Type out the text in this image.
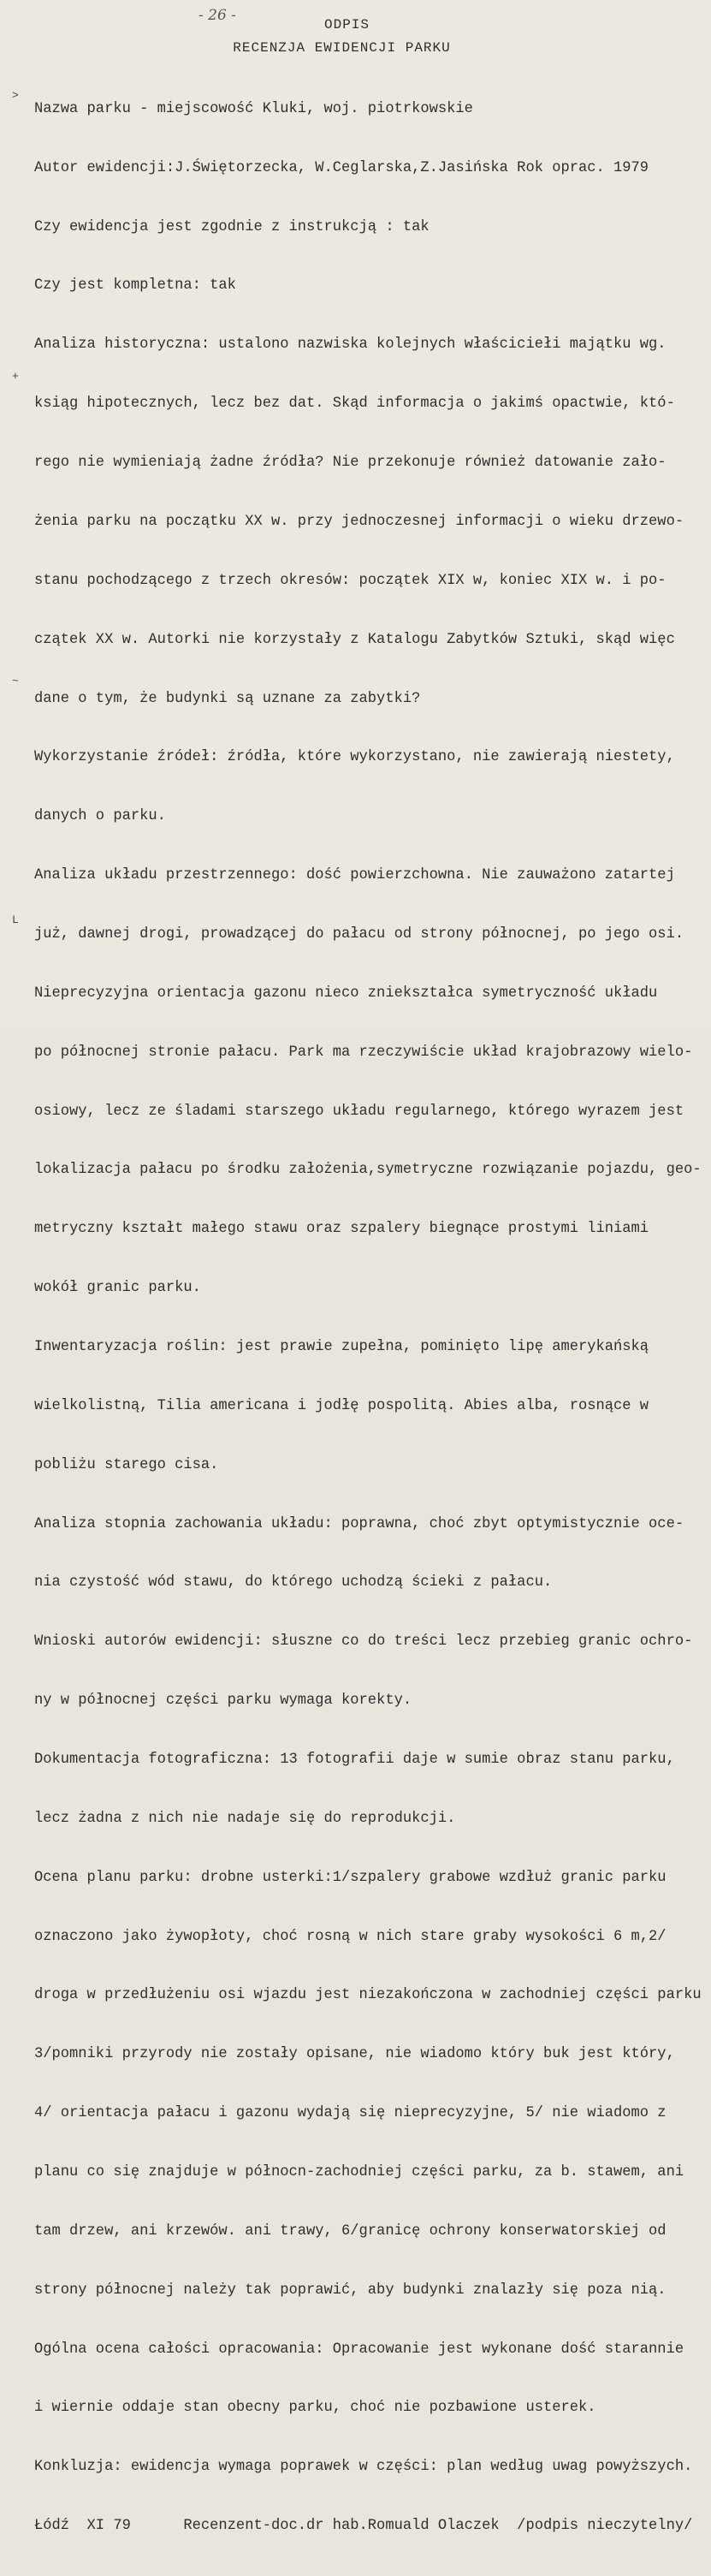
- 26 -
ODPIS
RECENZJA EWIDENCJI PARKU
>
+
~
L

Nazwa parku - miejscowość Kluki, woj. piotrkowskie

Autor ewidencji:J.Świętorzecka, W.Ceglarska,Z.Jasińska Rok oprac. 1979

Czy ewidencja jest zgodnie z instrukcją : tak

Czy jest kompletna: tak

Analiza historyczna: ustalono nazwiska kolejnych właściciełi majątku wg.

ksiąg hipotecznych, lecz bez dat. Skąd informacja o jakimś opactwie, któ-

rego nie wymieniają żadne źródła? Nie przekonuje również datowanie zało-

żenia parku na początku XX w. przy jednoczesnej informacji o wieku drzewo-

stanu pochodzącego z trzech okresów: początek XIX w, koniec XIX w. i po-

czątek XX w. Autorki nie korzystały z Katalogu Zabytków Sztuki, skąd więc

dane o tym, że budynki są uznane za zabytki?

Wykorzystanie źródeł: źródła, które wykorzystano, nie zawierają niestety,

danych o parku.

Analiza układu przestrzennego: dość powierzchowna. Nie zauważono zatartej

już, dawnej drogi, prowadzącej do pałacu od strony północnej, po jego osi.

Nieprecyzyjna orientacja gazonu nieco zniekształca symetryczność układu

po północnej stronie pałacu. Park ma rzeczywiście układ krajobrazowy wielo-

osiowy, lecz ze śladami starszego układu regularnego, którego wyrazem jest

lokalizacja pałacu po środku założenia,symetryczne rozwiązanie pojazdu, geo-

metryczny kształt małego stawu oraz szpalery biegnące prostymi liniami

wokół granic parku.

Inwentaryzacja roślin: jest prawie zupełna, pominięto lipę amerykańską

wielkolistną, Tilia americana i jodłę pospolitą. Abies alba, rosnące w

pobliżu starego cisa.

Analiza stopnia zachowania układu: poprawna, choć zbyt optymistycznie oce-

nia czystość wód stawu, do którego uchodzą ścieki z pałacu.

Wnioski autorów ewidencji: słuszne co do treści lecz przebieg granic ochro-

ny w północnej części parku wymaga korekty.

Dokumentacja fotograficzna: 13 fotografii daje w sumie obraz stanu parku,

lecz żadna z nich nie nadaje się do reprodukcji.

Ocena planu parku: drobne usterki:1/szpalery grabowe wzdłuż granic parku

oznaczono jako żywopłoty, choć rosną w nich stare graby wysokości 6 m,2/

droga w przedłużeniu osi wjazdu jest niezakończona w zachodniej części parku

3/pomniki przyrody nie zostały opisane, nie wiadomo który buk jest który,

4/ orientacja pałacu i gazonu wydają się nieprecyzyjne, 5/ nie wiadomo z

planu co się znajduje w północn-zachodniej części parku, za b. stawem, ani

tam drzew, ani krzewów. ani trawy, 6/granicę ochrony konserwatorskiej od

strony północnej należy tak poprawić, aby budynki znalazły się poza nią.

Ogólna ocena całości opracowania: Opracowanie jest wykonane dość starannie

i wiernie oddaje stan obecny parku, choć nie pozbawione usterek.

Konkluzja: ewidencja wymaga poprawek w części: plan według uwag powyższych.

Łódź  XI 79      Recenzent-doc.dr hab.Romuald Olaczek  /podpis nieczytelny/
